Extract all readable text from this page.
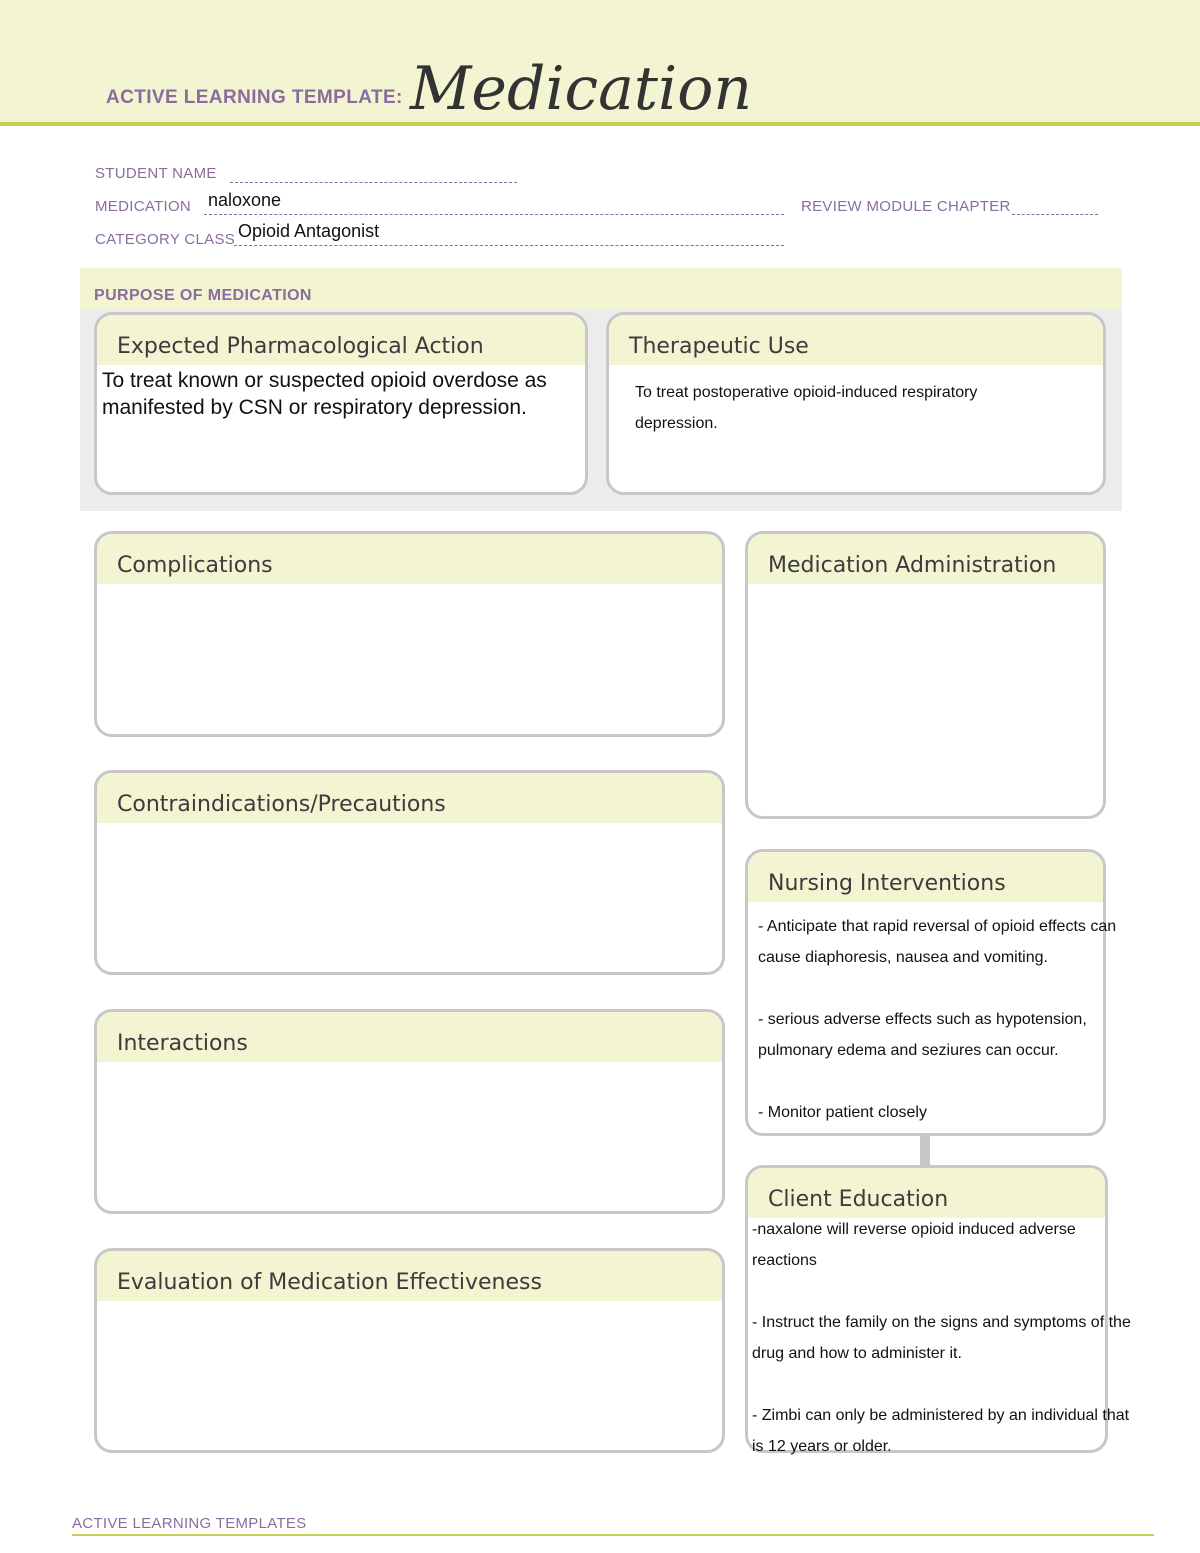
ACTIVE LEARNING TEMPLATE: Medication
STUDENT NAME
MEDICATION naloxone	REVIEW MODULE CHAPTER
CATEGORY CLASS Opioid Antagonist
PURPOSE OF MEDICATION
Expected Pharmacological Action
To treat known or suspected opioid overdose as manifested by CSN or respiratory depression.
Therapeutic Use
To treat postoperative opioid-induced respiratory depression.
Complications
Contraindications/Precautions
Interactions
Evaluation of Medication Effectiveness
Medication Administration
Nursing Interventions

- Anticipate that rapid reversal of opioid effects can cause diaphoresis, nausea and vomiting.

- serious adverse effects such as hypotension, pulmonary edema and seziures can occur.

- Monitor patient closely

Client Education

-naxalone will reverse opioid induced adverse reactions

- Instruct the family on the signs and symptoms of the drug and how to administer it.

- Zimbi can only be administered by an individual that is 12 years or older.

ACTIVE LEARNING TEMPLATES
